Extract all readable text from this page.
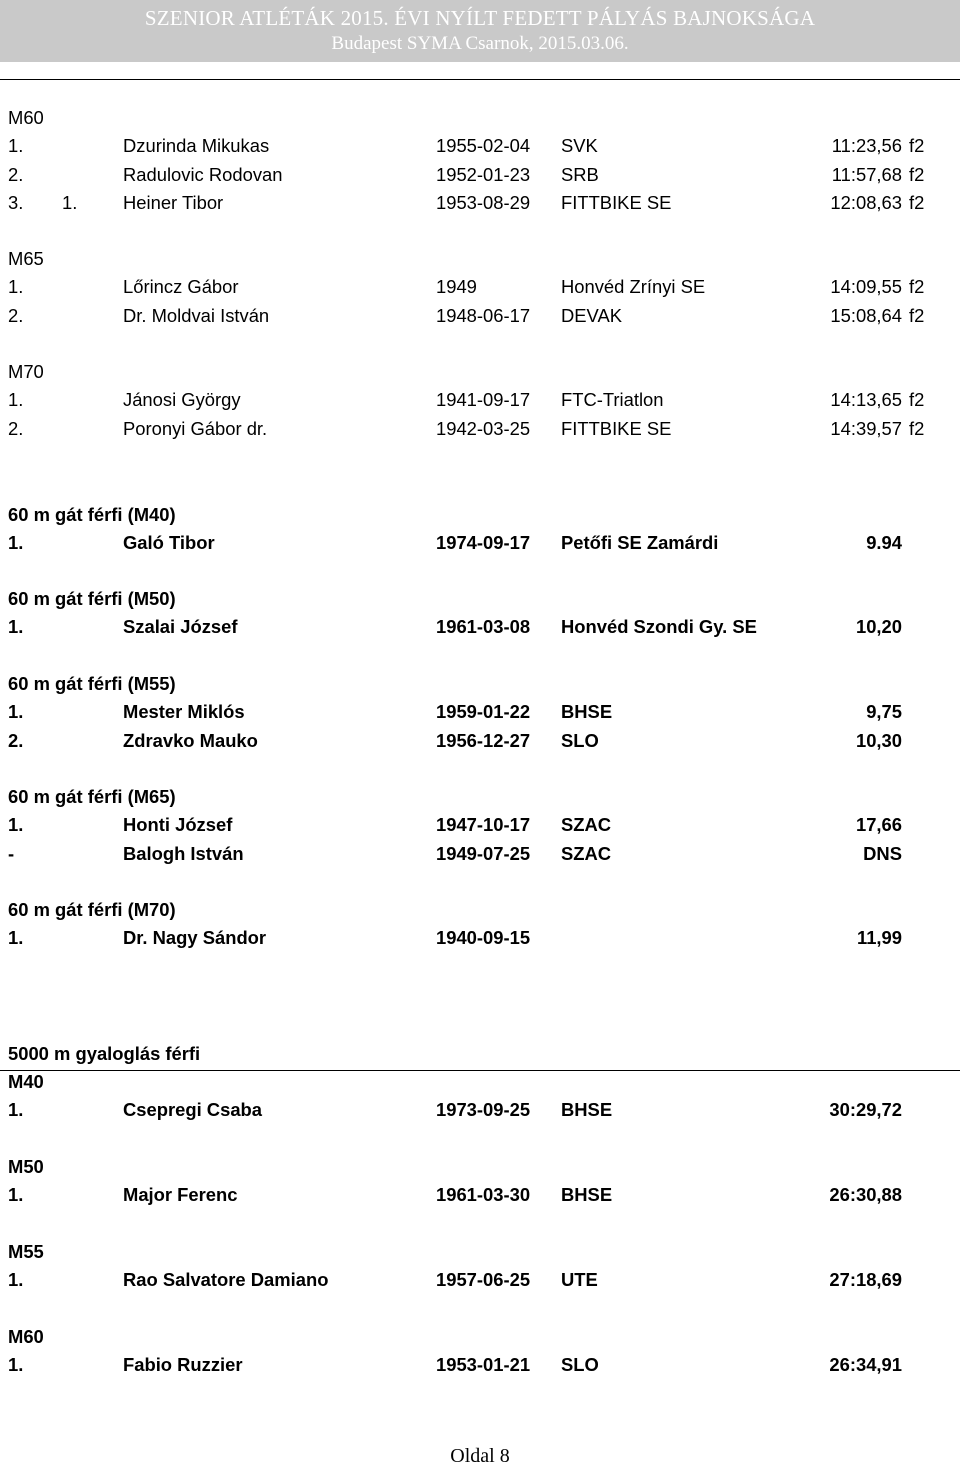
SZENIOR ATLÉTÁK 2015. ÉVI NYÍLT FEDETT PÁLYÁS BAJNOKSÁGA
Budapest SYMA Csarnok, 2015.03.06.
M60
1.	Dzurinda Mikukas	1955-02-04 SVK	11:23,56 f2
2.	Radulovic Rodovan	1952-01-23 SRB	11:57,68 f2
3. 1. Heiner Tibor	1953-08-29 FITTBIKE SE	12:08,63 f2
M65
1.	Lőrincz Gábor	1949	Honvéd Zrínyi SE	14:09,55 f2
2.	Dr. Moldvai István	1948-06-17 DEVAK	15:08,64 f2
M70
1.	Jánosi György	1941-09-17 FTC-Triatlon	14:13,65 f2
2.	Poronyi Gábor dr.	1942-03-25 FITTBIKE SE	14:39,57 f2
60 m gát férfi (M40)
1.	Galó Tibor	1974-09-17 Petőfi SE Zamárdi	9.94
60 m gát férfi (M50)
1.	Szalai József	1961-03-08 Honvéd Szondi Gy. SE	10,20
60 m gát férfi (M55)
1.	Mester Miklós	1959-01-22 BHSE	9,75
2.	Zdravko Mauko	1956-12-27 SLO	10,30
60 m gát férfi (M65)
1.	Honti József	1947-10-17 SZAC	17,66
-	Balogh István	1949-07-25 SZAC	DNS
60 m gát férfi (M70)
1.	Dr. Nagy Sándor	1940-09-15	11,99
5000 m gyaloglás férfi
M40
1.	Csepregi Csaba	1973-09-25 BHSE	30:29,72
M50
1.	Major Ferenc	1961-03-30 BHSE	26:30,88
M55
1.	Rao Salvatore Damiano	1957-06-25 UTE	27:18,69
M60
1.	Fabio Ruzzier	1953-01-21 SLO	26:34,91
Oldal 8
